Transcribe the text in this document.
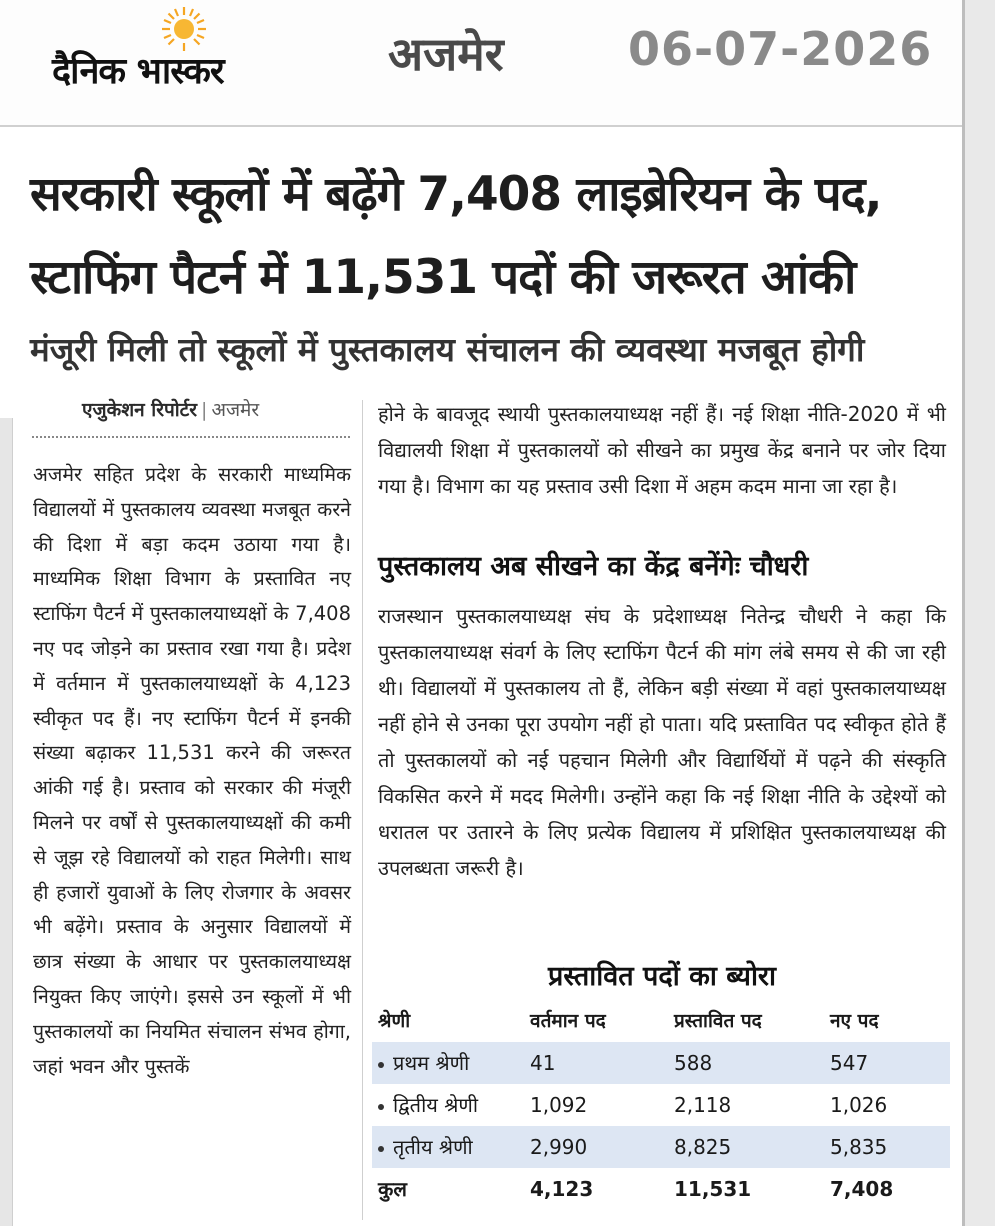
दैनिक भास्कर	अजमेर	06-07-2026
सरकारी स्कूलों में बढ़ेंगे 7,408 लाइब्रेरियन के पद,
स्टाफिंग पैटर्न में 11,531 पदों की जरूरत आंकी
मंजूरी मिली तो स्कूलों में पुस्तकालय संचालन की व्यवस्था मजबूत होगी
एजुकेशन रिपोर्टर | अजमेर
अजमेर सहित प्रदेश के सरकारी माध्यमिक विद्यालयों में पुस्तकालय व्यवस्था मजबूत करने की दिशा में बड़ा कदम उठाया गया है। माध्यमिक शिक्षा विभाग के प्रस्तावित नए स्टाफिंग पैटर्न में पुस्तकालयाध्यक्षों के 7,408 नए पद जोड़ने का प्रस्ताव रखा गया है। प्रदेश में वर्तमान में पुस्तकालयाध्यक्षों के 4,123 स्वीकृत पद हैं। नए स्टाफिंग पैटर्न में इनकी संख्या बढ़ाकर 11,531 करने की जरूरत आंकी गई है। प्रस्ताव को सरकार की मंजूरी मिलने पर वर्षों से पुस्तकालयाध्यक्षों की कमी से जूझ रहे विद्यालयों को राहत मिलेगी। साथ ही हजारों युवाओं के लिए रोजगार के अवसर भी बढ़ेंगे। प्रस्ताव के अनुसार विद्यालयों में छात्र संख्या के आधार पर पुस्तकालयाध्यक्ष नियुक्त किए जाएंगे। इससे उन स्कूलों में भी पुस्तकालयों का नियमित संचालन संभव होगा, जहां भवन और पुस्तकें
होने के बावजूद स्थायी पुस्तकालयाध्यक्ष नहीं हैं। नई शिक्षा नीति-2020 में भी विद्यालयी शिक्षा में पुस्तकालयों को सीखने का प्रमुख केंद्र बनाने पर जोर दिया गया है। विभाग का यह प्रस्ताव उसी दिशा में अहम कदम माना जा रहा है।
पुस्तकालय अब सीखने का केंद्र बनेंगेः चौधरी
राजस्थान पुस्तकालयाध्यक्ष संघ के प्रदेशाध्यक्ष नितेन्द्र चौधरी ने कहा कि पुस्तकालयाध्यक्ष संवर्ग के लिए स्टाफिंग पैटर्न की मांग लंबे समय से की जा रही थी। विद्यालयों में पुस्तकालय तो हैं, लेकिन बड़ी संख्या में वहां पुस्तकालयाध्यक्ष नहीं होने से उनका पूरा उपयोग नहीं हो पाता। यदि प्रस्तावित पद स्वीकृत होते हैं तो पुस्तकालयों को नई पहचान मिलेगी और विद्यार्थियों में पढ़ने की संस्कृति विकसित करने में मदद मिलेगी। उन्होंने कहा कि नई शिक्षा नीति के उद्देश्यों को धरातल पर उतारने के लिए प्रत्येक विद्यालय में प्रशिक्षित पुस्तकालयाध्यक्ष की उपलब्धता जरूरी है।
प्रस्तावित पदों का ब्योरा
श्रेणी	वर्तमान पद	प्रस्तावित पद	नए पद
प्रथम श्रेणी	41	588	547
द्वितीय श्रेणी	1,092	2,118	1,026
तृतीय श्रेणी	2,990	8,825	5,835
कुल	4,123	11,531	7,408
